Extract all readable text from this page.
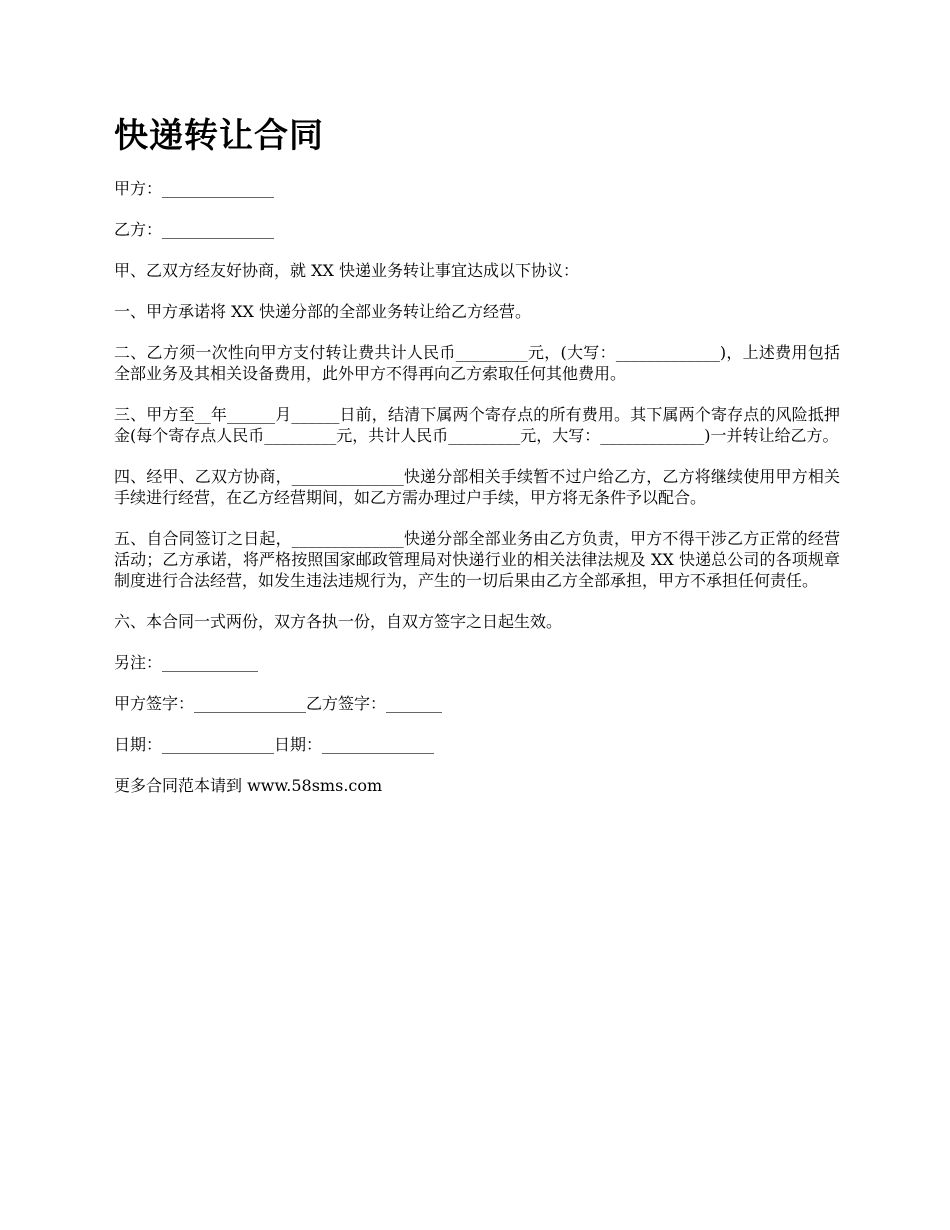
快递转让合同

甲方：______________

乙方：______________

甲、乙双方经友好协商，就 XX 快递业务转让事宜达成以下协议：

一、甲方承诺将 XX 快递分部的全部业务转让给乙方经营。

二、乙方须一次性向甲方支付转让费共计人民币_________元，(大写：_____________)，上述费用包括全部业务及其相关设备费用，此外甲方不得再向乙方索取任何其他费用。

三、甲方至__年______月______日前，结清下属两个寄存点的所有费用。其下属两个寄存点的风险抵押金(每个寄存点人民币_________元，共计人民币_________元，大写：_____________)一并转让给乙方。

四、经甲、乙双方协商，______________快递分部相关手续暂不过户给乙方，乙方将继续使用甲方相关手续进行经营，在乙方经营期间，如乙方需办理过户手续，甲方将无条件予以配合。

五、自合同签订之日起，______________快递分部全部业务由乙方负责，甲方不得干涉乙方正常的经营活动；乙方承诺，将严格按照国家邮政管理局对快递行业的相关法律法规及 XX 快递总公司的各项规章制度进行合法经营，如发生违法违规行为，产生的一切后果由乙方全部承担，甲方不承担任何责任。

六、本合同一式两份，双方各执一份，自双方签字之日起生效。

另注：____________

甲方签字：______________乙方签字：_______

日期：______________日期：______________

更多合同范本请到 www.58sms.com
